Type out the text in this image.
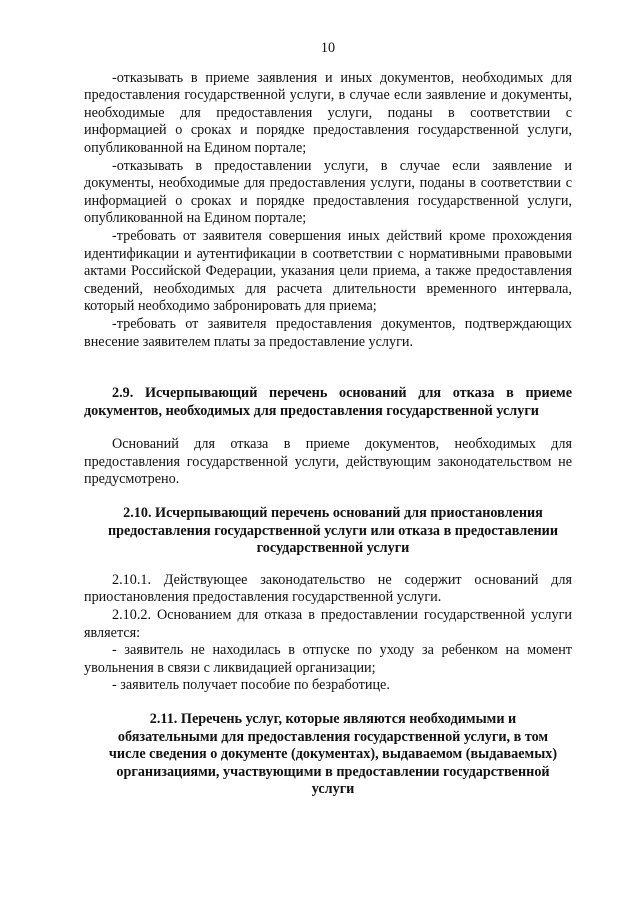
10

-отказывать в приеме заявления и иных документов, необходимых для предоставления государственной услуги, в случае если заявление и документы, необходимые для предоставления услуги, поданы в соответствии с информацией о сроках и порядке предоставления государственной услуги, опубликованной на Едином портале;

-отказывать в предоставлении услуги, в случае если заявление и документы, необходимые для предоставления услуги, поданы в соответствии с информацией о сроках и порядке предоставления государственной услуги, опубликованной на Едином портале;

-требовать от заявителя совершения иных действий кроме прохождения идентификации и аутентификации в соответствии с нормативными правовыми актами Российской Федерации, указания цели приема, а также предоставления сведений, необходимых для расчета длительности временного интервала, который необходимо забронировать для приема;

-требовать от заявителя предоставления документов, подтверждающих внесение заявителем платы за предоставление услуги.

2.9. Исчерпывающий перечень оснований для отказа в приеме документов, необходимых для предоставления государственной услуги

Оснований для отказа в приеме документов, необходимых для предоставления государственной услуги, действующим законодательством не предусмотрено.

2.10. Исчерпывающий перечень оснований для приостановления предоставления государственной услуги или отказа в предоставлении государственной услуги

2.10.1. Действующее законодательство не содержит оснований для приостановления предоставления государственной услуги.

2.10.2. Основанием для отказа в предоставлении государственной услуги является:

- заявитель не находилась в отпуске по уходу за ребенком на момент увольнения в связи с ликвидацией организации;

- заявитель получает пособие по безработице.

2.11. Перечень услуг, которые являются необходимыми и обязательными для предоставления государственной услуги, в том числе сведения о документе (документах), выдаваемом (выдаваемых) организациями, участвующими в предоставлении государственной услуги
